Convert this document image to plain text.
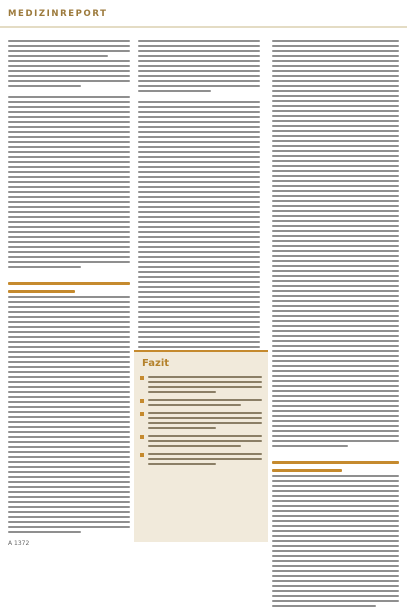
MEDIZINREPORT
Fazit
A 1372
